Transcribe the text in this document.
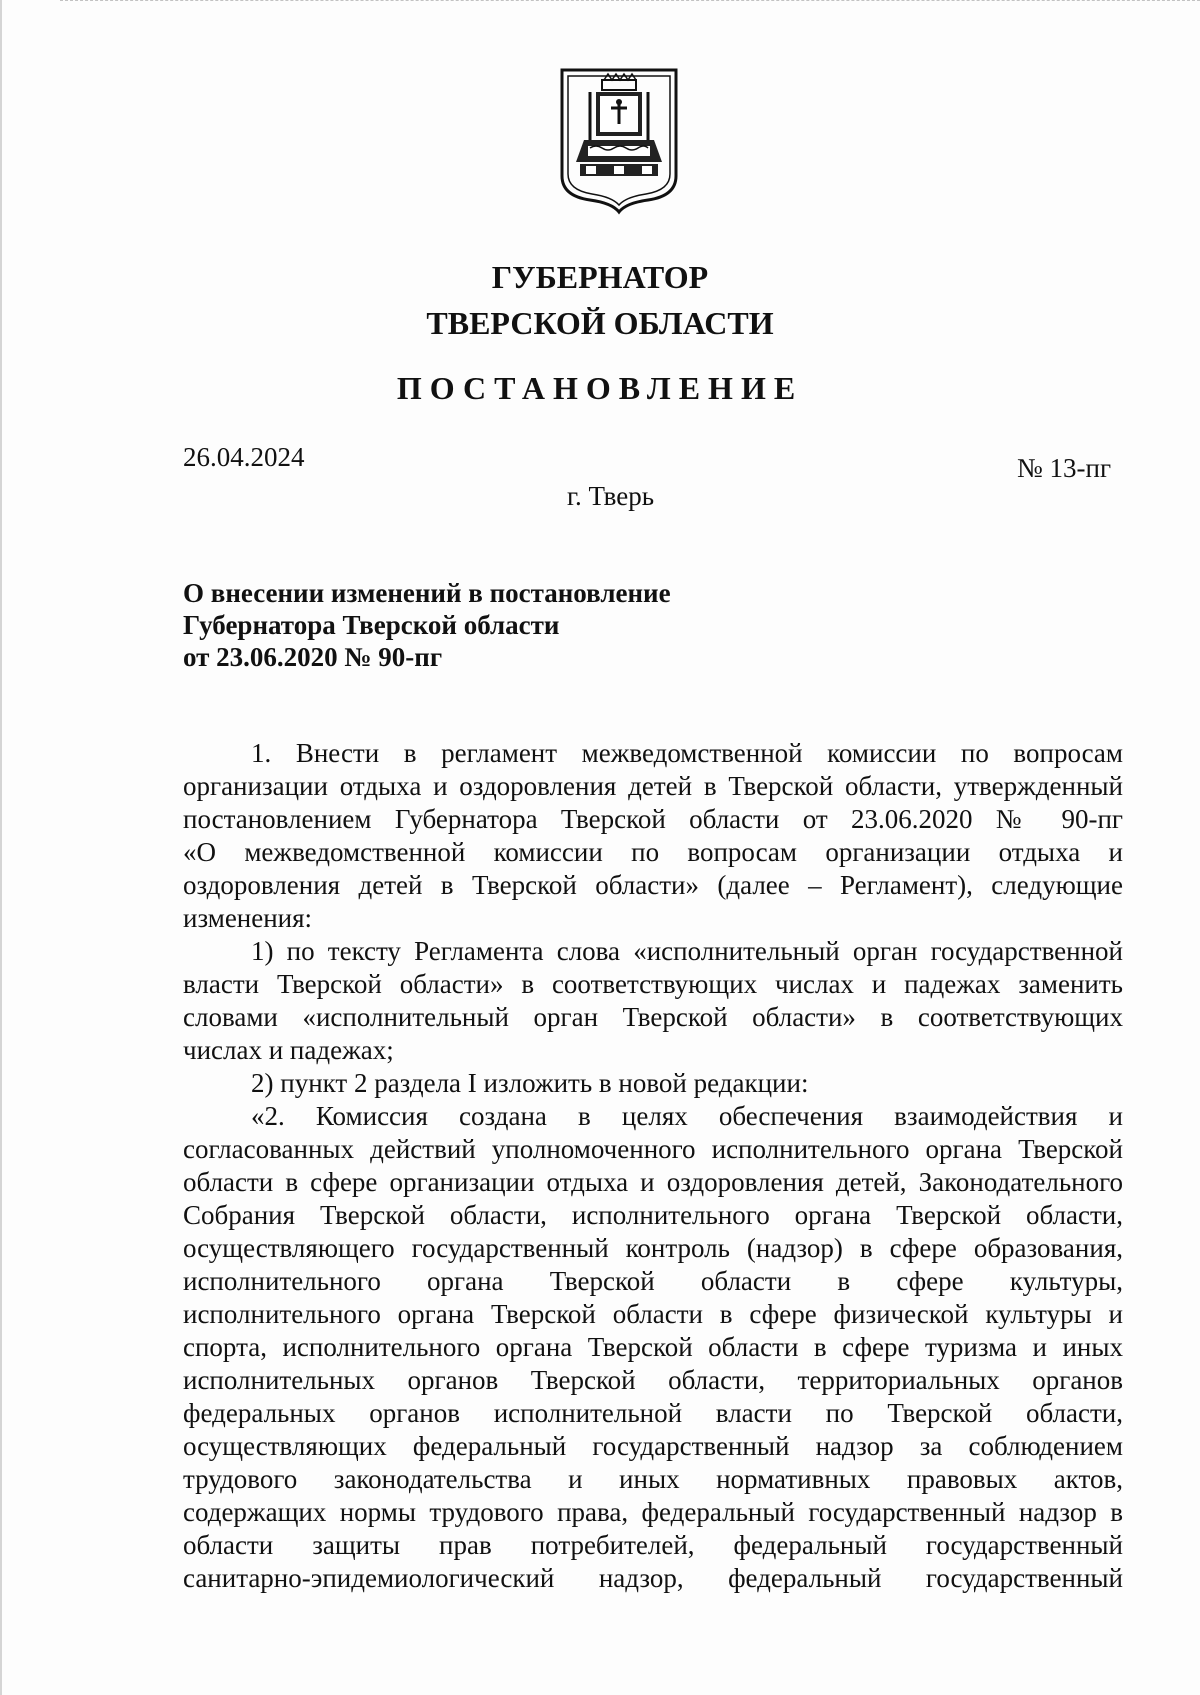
ГУБЕРНАТОР
ТВЕРСКОЙ ОБЛАСТИ
ПОСТАНОВЛЕНИЕ
26.04.2024	№ 13-пг
г. Тверь
О внесении изменений в постановление
Губернатора Тверской области
от 23.06.2020 № 90-пг
1. Внести в регламент межведомственной комиссии по вопросам
организации отдыха и оздоровления детей в Тверской области, утвержденный
постановлением Губернатора Тверской области от 23.06.2020 № 90-пг
«О межведомственной комиссии по вопросам организации отдыха и
оздоровления детей в Тверской области» (далее – Регламент), следующие
изменения:
1) по тексту Регламента слова «исполнительный орган государственной
власти Тверской области» в соответствующих числах и падежах заменить
словами «исполнительный орган Тверской области» в соответствующих
числах и падежах;
2) пункт 2 раздела I изложить в новой редакции:
«2. Комиссия создана в целях обеспечения взаимодействия и
согласованных действий уполномоченного исполнительного органа Тверской
области в сфере организации отдыха и оздоровления детей, Законодательного
Собрания Тверской области, исполнительного органа Тверской области,
осуществляющего государственный контроль (надзор) в сфере образования,
исполнительного органа Тверской области в сфере культуры,
исполнительного органа Тверской области в сфере физической культуры и
спорта, исполнительного органа Тверской области в сфере туризма и иных
исполнительных органов Тверской области, территориальных органов
федеральных органов исполнительной власти по Тверской области,
осуществляющих федеральный государственный надзор за соблюдением
трудового законодательства и иных нормативных правовых актов,
содержащих нормы трудового права, федеральный государственный надзор в
области защиты прав потребителей, федеральный государственный
санитарно-эпидемиологический надзор, федеральный государственный
